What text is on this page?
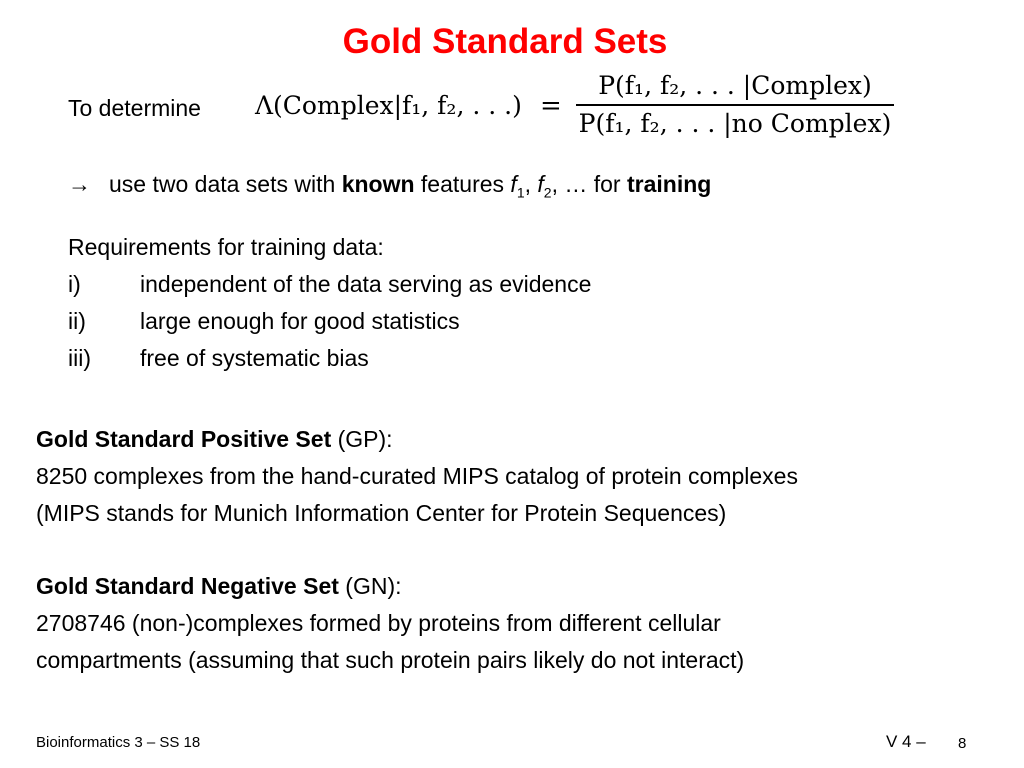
Gold Standard Sets
To determine Λ(Complex|f₁, f₂, . . .) =
P(f₁, f₂, . . . |Complex)
P(f₁, f₂, . . . |no Complex)
→ use two data sets with known features $f_1$, $f_2$, … for training
Requirements for training data:
i)	independent of the data serving as evidence
ii) large enough for good statistics
iii) free of systematic bias
Gold Standard Positive Set (GP):
8250 complexes from the hand-curated MIPS catalog of protein complexes
(MIPS stands for Munich Information Center for Protein Sequences)
Gold Standard Negative Set (GN):
2708746 (non-)complexes formed by proteins from different cellular
compartments (assuming that such protein pairs likely do not interact)
Bioinformatics 3 – SS 18	V 4 – 8
